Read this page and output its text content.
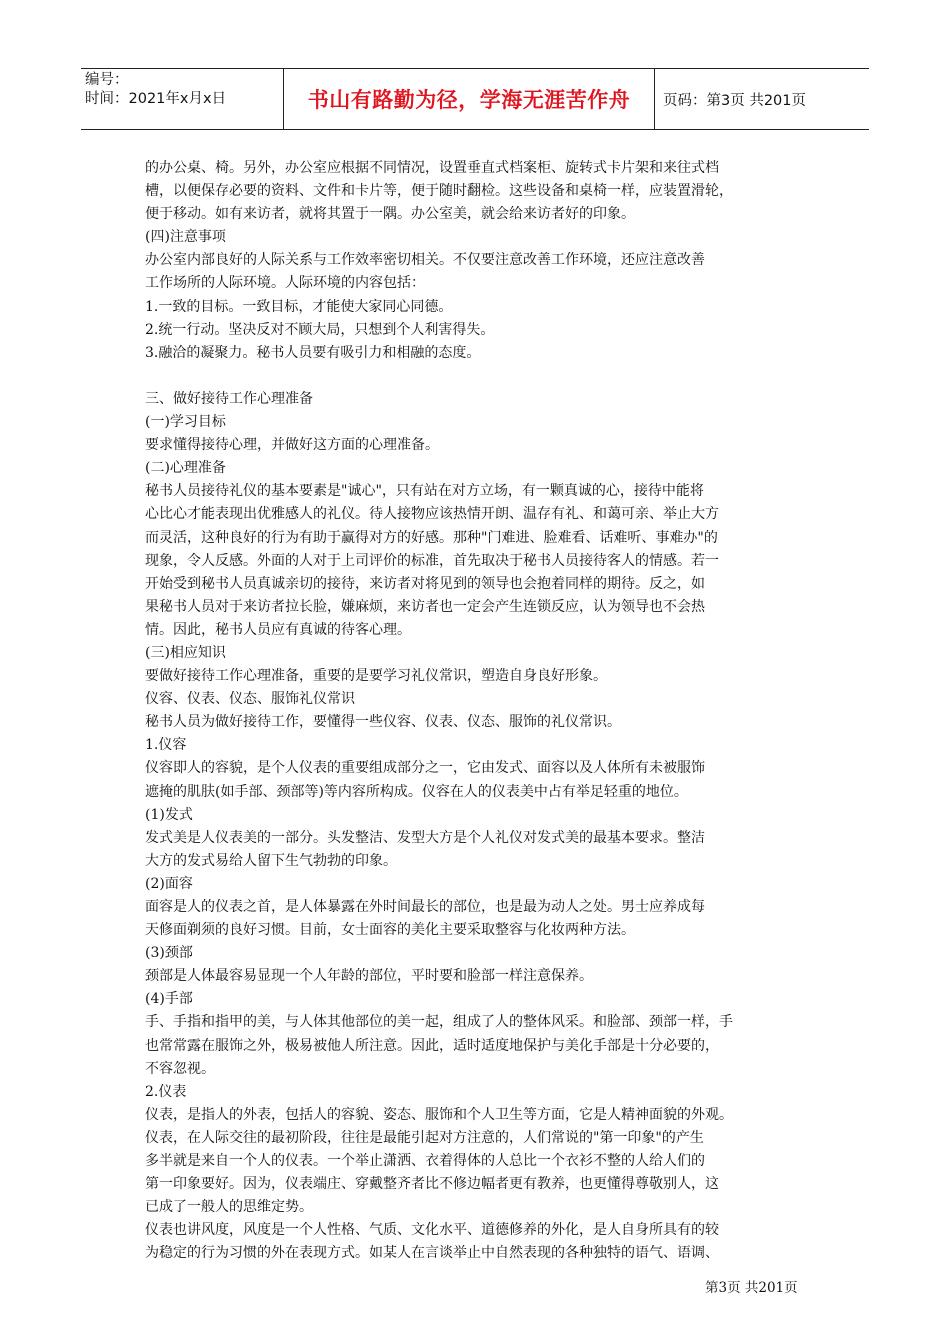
编号：
时间：2021年x月x日	书山有路勤为径，学海无涯苦作舟	页码：第3页 共201页
的办公桌、椅。另外，办公室应根据不同情况，设置垂直式档案柜、旋转式卡片架和来往式档
槽，以便保存必要的资料、文件和卡片等，便于随时翻检。这些设备和桌椅一样，应装置滑轮，
便于移动。如有来访者，就将其置于一隅。办公室美，就会给来访者好的印象。
(四)注意事项
办公室内部良好的人际关系与工作效率密切相关。不仅要注意改善工作环境，还应注意改善
工作场所的人际环境。人际环境的内容包括：
1.一致的目标。一致目标，才能使大家同心同德。
2.统一行动。坚决反对不顾大局，只想到个人利害得失。
3.融洽的凝聚力。秘书人员要有吸引力和相融的态度。
三、做好接待工作心理准备
(一)学习目标
要求懂得接待心理，并做好这方面的心理准备。
(二)心理准备
秘书人员接待礼仪的基本要素是"诚心"，只有站在对方立场，有一颗真诚的心，接待中能将
心比心才能表现出优雅感人的礼仪。待人接物应该热情开朗、温存有礼、和蔼可亲、举止大方
而灵活，这种良好的行为有助于赢得对方的好感。那种"门难进、脸难看、话难听、事难办"的
现象，令人反感。外面的人对于上司评价的标准，首先取决于秘书人员接待客人的情感。若一
开始受到秘书人员真诚亲切的接待，来访者对将见到的领导也会抱着同样的期待。反之，如
果秘书人员对于来访者拉长脸，嫌麻烦，来访者也一定会产生连锁反应，认为领导也不会热
情。因此，秘书人员应有真诚的待客心理。
(三)相应知识
要做好接待工作心理准备，重要的是要学习礼仪常识，塑造自身良好形象。
仪容、仪表、仪态、服饰礼仪常识
秘书人员为做好接待工作，要懂得一些仪容、仪表、仪态、服饰的礼仪常识。
1.仪容
仪容即人的容貌，是个人仪表的重要组成部分之一，它由发式、面容以及人体所有未被服饰
遮掩的肌肤(如手部、颈部等)等内容所构成。仪容在人的仪表美中占有举足轻重的地位。
(1)发式
发式美是人仪表美的一部分。头发整洁、发型大方是个人礼仪对发式美的最基本要求。整洁
大方的发式易给人留下生气勃勃的印象。
(2)面容
面容是人的仪表之首，是人体暴露在外时间最长的部位，也是最为动人之处。男士应养成每
天修面剃须的良好习惯。目前，女士面容的美化主要采取整容与化妆两种方法。
(3)颈部
颈部是人体最容易显现一个人年龄的部位，平时要和脸部一样注意保养。
(4)手部
手、手指和指甲的美，与人体其他部位的美一起，组成了人的整体风采。和脸部、颈部一样，手
也常常露在服饰之外，极易被他人所注意。因此，适时适度地保护与美化手部是十分必要的，
不容忽视。
2.仪表
仪表，是指人的外表，包括人的容貌、姿态、服饰和个人卫生等方面，它是人精神面貌的外观。
仪表，在人际交往的最初阶段，往往是最能引起对方注意的，人们常说的"第一印象"的产生
多半就是来自一个人的仪表。一个举止潇洒、衣着得体的人总比一个衣衫不整的人给人们的
第一印象要好。因为，仪表端庄、穿戴整齐者比不修边幅者更有教养，也更懂得尊敬别人，这
已成了一般人的思维定势。
仪表也讲风度，风度是一个人性格、气质、文化水平、道德修养的外化，是人自身所具有的较
为稳定的行为习惯的外在表现方式。如某人在言谈举止中自然表现的各种独特的语气、语调、
第3页 共201页
